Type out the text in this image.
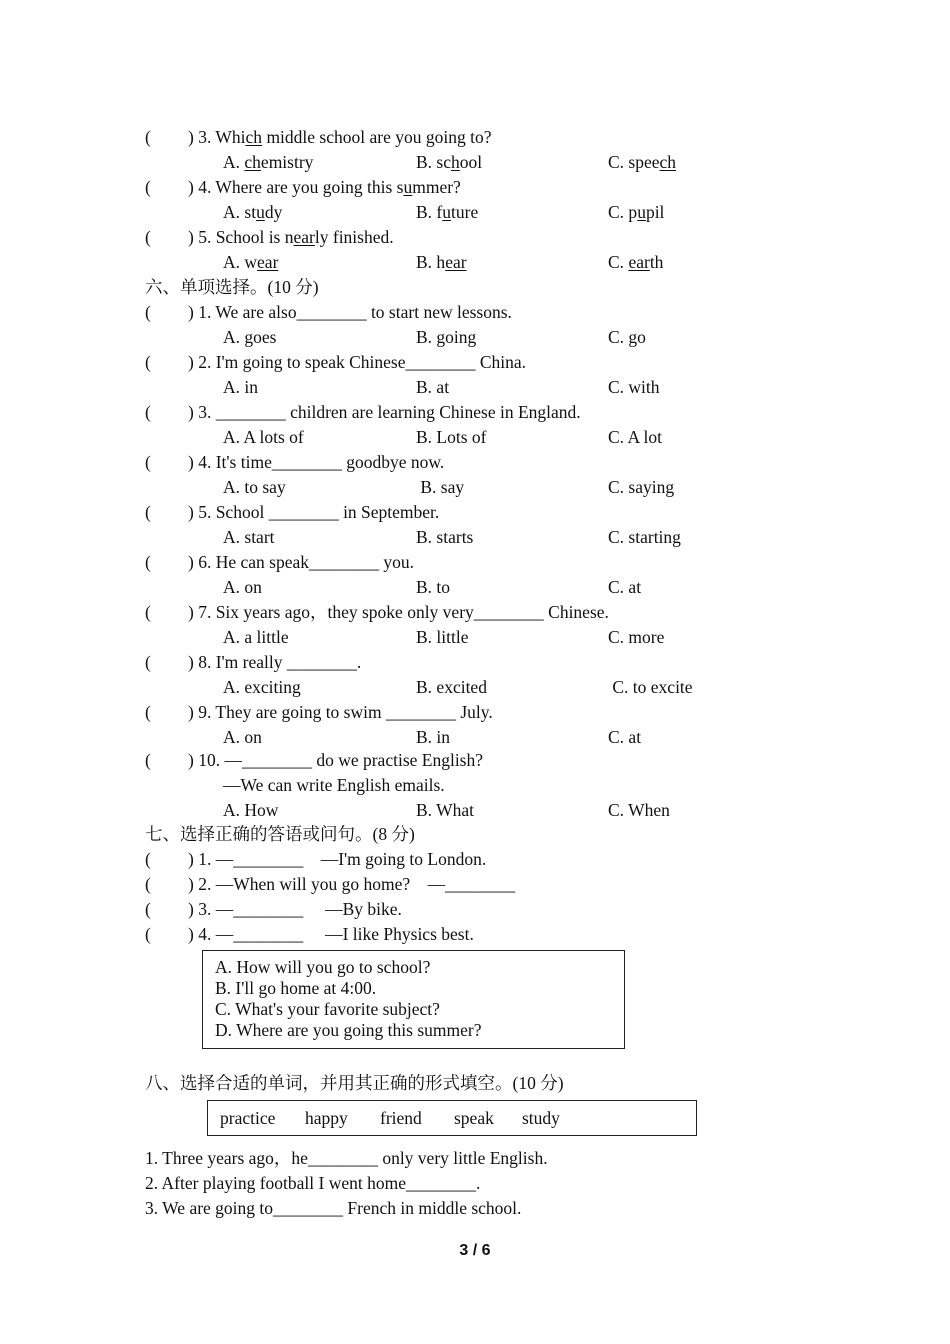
( ) 3. Which middle school are you going to?
A. chemistry	B. school	C. speech
( ) 4. Where are you going this summer?
A. study	B. future	C. pupil
( ) 5. School is nearly finished.
A. wear	B. hear	C. earth
六、单项选择。(10 分)
( ) 1. We are also________ to start new lessons.
A. goes	B. going	C. go
( ) 2. I'm going to speak Chinese________ China.
A. in	B. at	C. with
( ) 3. ________ children are learning Chinese in England.
A. A lots of	B. Lots of	C. A lot
( ) 4. It's time________ goodbye now.
A. to say	B. say	C. saying
( ) 5. School ________ in September.
A. start	B. starts	C. starting
( ) 6. He can speak________ you.
A. on	B. to	C. at
( ) 7. Six years ago，they spoke only very________ Chinese.
A. a little	B. little	C. more
( ) 8. I'm really ________.
A. exciting	B. excited	C. to excite
( ) 9. They are going to swim ________ July.
A. on	B. in	C. at
( ) 10. —________ do we practise English?
—We can write English emails.
A. How	B. What	C. When
七、选择正确的答语或问句。(8 分)
( ) 1. —________    —I'm going to London.
( ) 2. —When will you go home?    —________
( ) 3. —________     —By bike.
( ) 4. —________     —I like Physics best.
A. How will you go to school?
B. I'll go home at 4:00.
C. What's your favorite subject?
D. Where are you going this summer?
八、选择合适的单词，并用其正确的形式填空。(10 分)
practice happy friend speak study
1. Three years ago，he________ only very little English.
2. After playing football I went home________.
3. We are going to________ French in middle school.
3 / 6
